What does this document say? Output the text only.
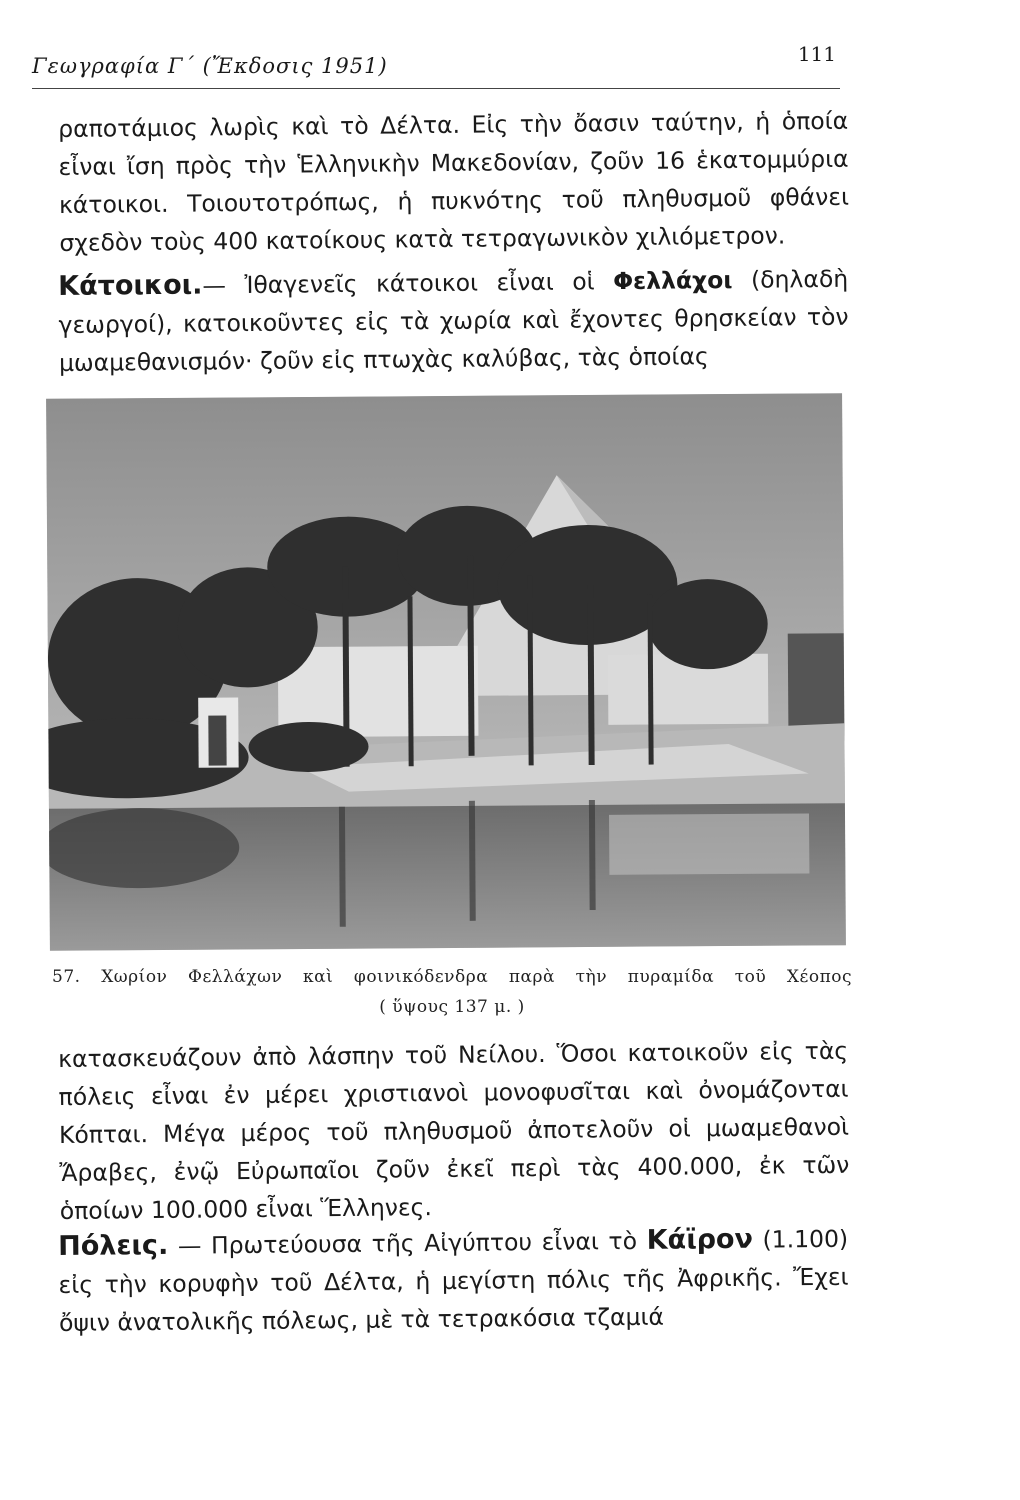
Γεωγραφία Γ΄ (Ἔκδοσις 1951)	111

ραποτάμιος λωρὶς καὶ τὸ Δέλτα. Εἰς τὴν ὄασιν ταύτην, ἡ ὁποία εἶναι ἴση πρὸς τὴν Ἑλληνικὴν Μακεδονίαν, ζοῦν 16 ἑκατομμύρια κάτοικοι. Τοιουτοτρόπως, ἡ πυκνότης τοῦ πληθυσμοῦ φθάνει σχεδὸν τοὺς 400 κατοίκους κατὰ τετραγωνικὸν χιλιόμετρον.

Κάτοικοι.— Ἰθαγενεῖς κάτοικοι εἶναι οἱ Φελλάχοι (δηλαδὴ γεωργοί), κατοικοῦντες εἰς τὰ χωρία καὶ ἔχοντες θρησκείαν τὸν μωαμεθανισμόν· ζοῦν εἰς πτωχὰς καλύβας, τὰς ὁποίας

57. Χωρίον Φελλάχων καὶ φοινικόδενδρα παρὰ τὴν πυραμίδα τοῦ Χέοπος
( ὕψους 137 μ. )

κατασκευάζουν ἀπὸ λάσπην τοῦ Νείλου. Ὅσοι κατοικοῦν εἰς τὰς πόλεις εἶναι ἐν μέρει χριστιανοὶ μονοφυσῖται καὶ ὀνομάζονται Κόπται. Μέγα μέρος τοῦ πληθυσμοῦ ἀποτελοῦν οἱ μωαμεθανοὶ Ἄραβες, ἐνῷ Εὐρωπαῖοι ζοῦν ἐκεῖ περὶ τὰς 400.000, ἐκ τῶν ὁποίων 100.000 εἶναι Ἕλληνες.

Πόλεις. — Πρωτεύουσα τῆς Αἰγύπτου εἶναι τὸ Κάϊρον (1.100) εἰς τὴν κορυφὴν τοῦ Δέλτα, ἡ μεγίστη πόλις τῆς Ἀφρικῆς. Ἔχει ὄψιν ἀνατολικῆς πόλεως, μὲ τὰ τετρακόσια τζαμιά
